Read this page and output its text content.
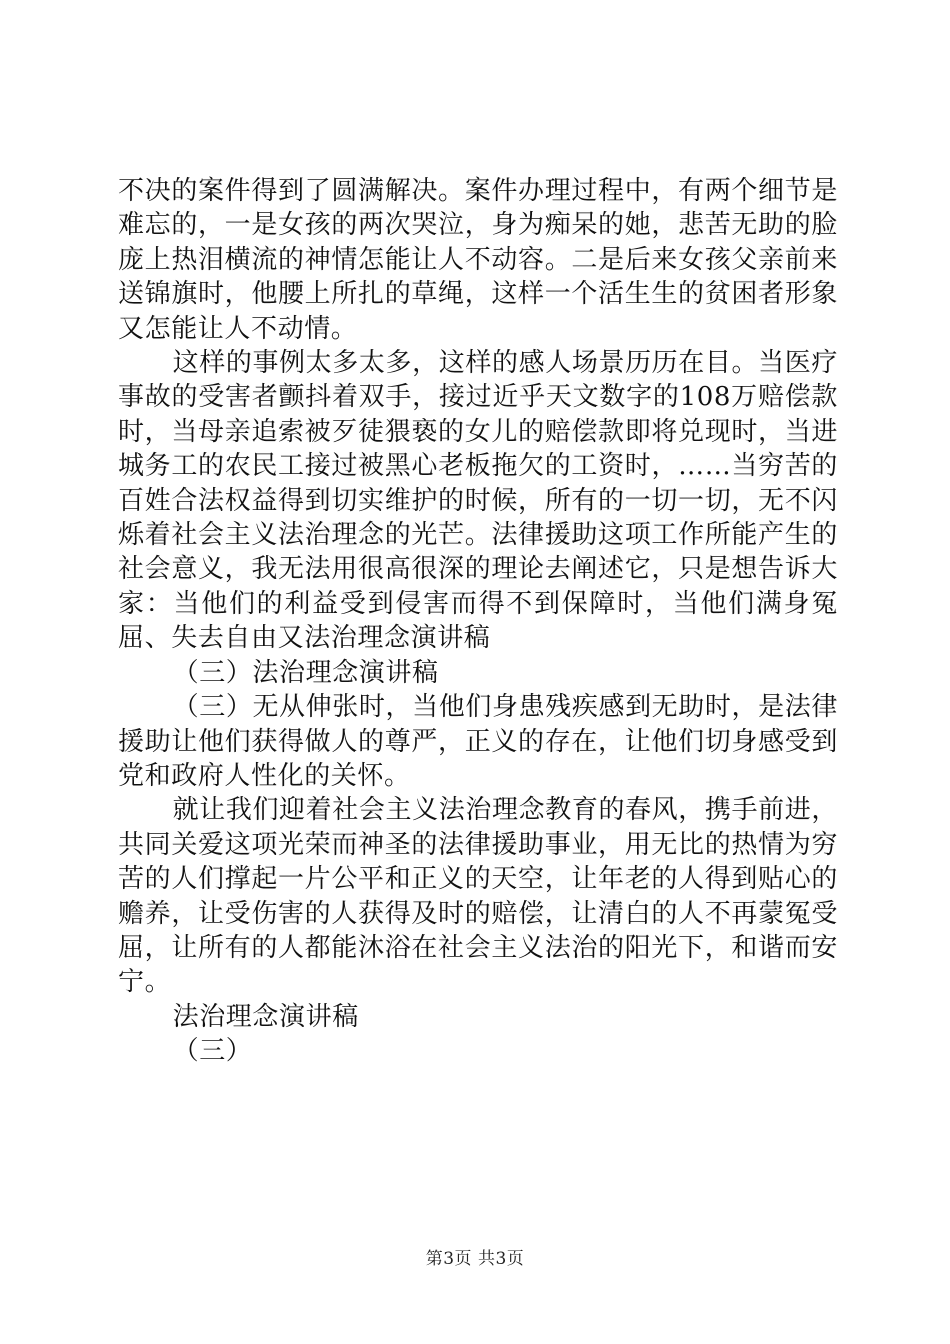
不决的案件得到了圆满解决。案件办理过程中，有两个细节是难忘的，一是女孩的两次哭泣，身为痴呆的她，悲苦无助的脸庞上热泪横流的神情怎能让人不动容。二是后来女孩父亲前来送锦旗时，他腰上所扎的草绳，这样一个活生生的贫困者形象又怎能让人不动情。

这样的事例太多太多，这样的感人场景历历在目。当医疗事故的受害者颤抖着双手，接过近乎天文数字的108万赔偿款时，当母亲追索被歹徒猥亵的女儿的赔偿款即将兑现时，当进城务工的农民工接过被黑心老板拖欠的工资时，……当穷苦的百姓合法权益得到切实维护的时候，所有的一切一切，无不闪烁着社会主义法治理念的光芒。法律援助这项工作所能产生的社会意义，我无法用很高很深的理论去阐述它，只是想告诉大家：当他们的利益受到侵害而得不到保障时，当他们满身冤屈、失去自由又法治理念演讲稿

（三）法治理念演讲稿

（三）无从伸张时，当他们身患残疾感到无助时，是法律援助让他们获得做人的尊严，正义的存在，让他们切身感受到党和政府人性化的关怀。

就让我们迎着社会主义法治理念教育的春风，携手前进，共同关爱这项光荣而神圣的法律援助事业，用无比的热情为穷苦的人们撑起一片公平和正义的天空，让年老的人得到贴心的赡养，让受伤害的人获得及时的赔偿，让清白的人不再蒙冤受屈，让所有的人都能沐浴在社会主义法治的阳光下，和谐而安宁。

法治理念演讲稿

（三）

第3页 共3页
